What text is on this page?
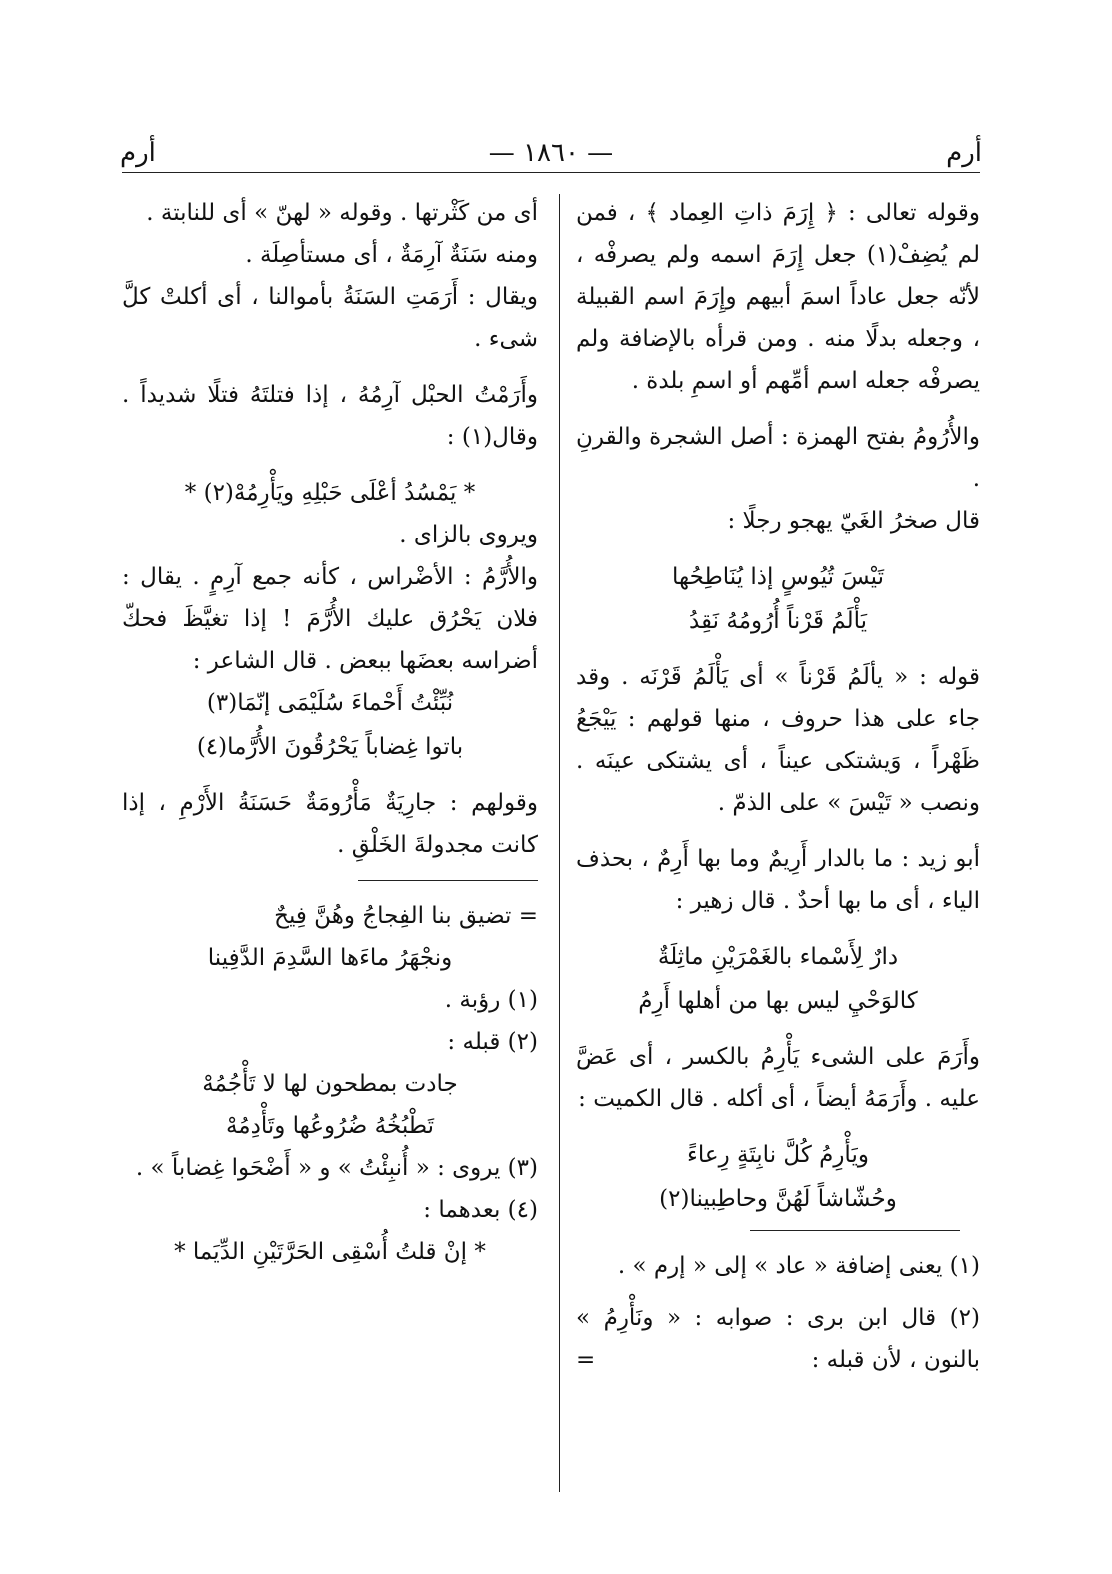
أرم
— ١٨٦٠ —
أرم

وقوله تعالى : ﴿ إِرَمَ ذاتِ العِماد ﴾ ، فمن لم يُضِفْ(١) جعل إِرَمَ اسمه ولم يصرفْه ، لأنّه جعل عاداً اسمَ أبيهم وإِرَمَ اسم القبيلة ، وجعله بدلًا منه . ومن قرأه بالإضافة ولم يصرفْه جعله اسم أمِّهم أو اسمِ بلدة .

والأُرُومُ بفتح الهمزة : أصل الشجرة والقرنِ .

قال صخرُ الغَيّ يهجو رجلًا :

تَيْسَ تُيُوسٍ إذا يُنَاطِحُها

يَأْلَمُ قَرْناً أُرُومُهُ نَقِدُ

قوله : « يألَمُ قَرْناً » أى يَأْلَمُ قَرْنَه . وقد جاء على هذا حروف ، منها قولهم : يَيْجَعُ ظَهْراً ، وَيشتكى عيناً ، أى يشتكى عينَه . ونصب « تَيْسَ » على الذمّ .

أبو زيد : ما بالدار أَرِيمٌ وما بها أَرِمٌ ، بحذف الياء ، أى ما بها أحدٌ . قال زهير :

دارٌ لِأَسْماء بالغَمْرَيْنِ ماثِلَةٌ

كالوَحْيِ ليس بها من أهلها أَرِمُ

وأَرَمَ على الشىء يَأْرِمُ بالكسر ، أى عَضَّ عليه . وأَرَمَهُ أيضاً ، أى أكله . قال الكميت :

ويَأْرِمُ كُلَّ نابِتَةٍ رِعاءً

وحُشّاشاً لَهُنَّ وحاطِبينا(٢)

(١) يعنى إضافة « عاد » إلى « إرم » .

(٢) قال ابن برى : صوابه : « ونَأْرِمُ » بالنون ، لأن قبله :

=

أى من كَثْرتها . وقوله « لهنّ » أى للنابتة .

ومنه سَنَةٌ آرِمَةٌ ، أى مستأصِلَة .

ويقال : أَرَمَتِ السَنَةُ بأموالنا ، أى أكلتْ كلَّ شىء .

وأَرَمْتُ الحبْل آرِمُهُ ، إذا فتلتَهُ فتلًا شديداً . وقال(١) :

* يَمْسُدُ أعْلَى حَبْلِهِ ويَأْرِمُهْ(٢) *

ويروى بالزاى .

والأُرَّمُ : الأضْراس ، كأنه جمع آرِمٍ . يقال : فلان يَحْرُق عليك الأُرَّمَ ! إذا تغيَّظَ فحكّ أضراسه بعضَها ببعض . قال الشاعر :

نُبِّئْتُ أَحْماءَ سُلَيْمَى إنّمَا(٣)

باتوا غِضاباً يَحْرُقُونَ الأُرَّما(٤)

وقولهم : جارِيَةٌ مَأْرُومَةٌ حَسَنَةُ الأَرْمِ ، إذا كانت مجدولةَ الخَلْقِ .

= تضيق بنا الفِجاجُ وهُنَّ فِيحٌ

ونجْهَرُ ماءَها السَّدِمَ الدَّفِينا

(١) رؤبة .

(٢) قبله :

جادت بمطحون لها لا تَأْجُمُهْ

تَطْبُخُهُ ضُرُوعُها وتَأْدِمُهْ

(٣) يروى : « أُنبِئْتُ » و « أَضْحَوا غِضاباً » .

(٤) بعدهما :

* إنْ قلتُ أُسْقِى الحَرَّتَيْنِ الدِّيَما *
